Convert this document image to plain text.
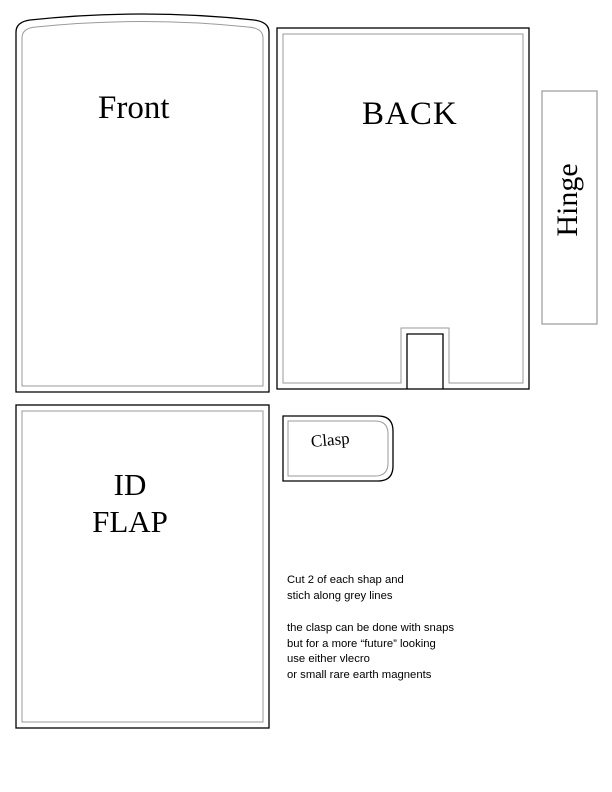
Front	BACK
Hinge
ID
FLAP
Clasp
Cut 2 of each shap and
stich along grey lines
the clasp can be done with snaps
but for a more “future” looking
use either vlecro
or small rare earth magnents
